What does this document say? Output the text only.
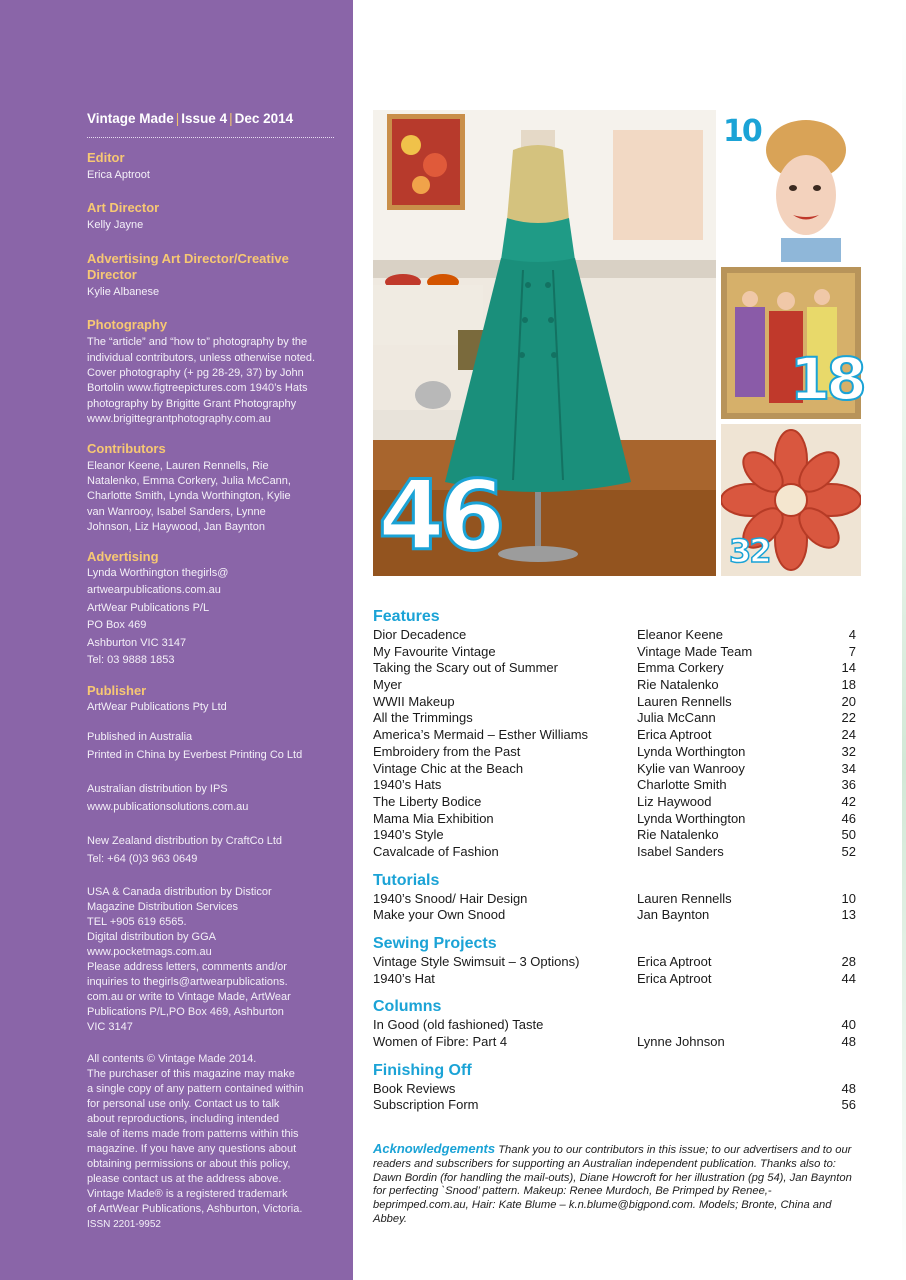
Vintage Made | Issue 4 | Dec 2014
Editor
Erica Aptroot
Art Director
Kelly Jayne
Advertising Art Director/Creative Director
Kylie Albanese
Photography
The “article” and “how to” photography by the
individual contributors, unless otherwise noted.
Cover photography (+ pg 28-29, 37) by John
Bortolin www.figtreepictures.com 1940’s Hats
photography by Brigitte Grant Photography
www.brigittegrantphotography.com.au
Contributors
Eleanor Keene, Lauren Rennells, Rie
Natalenko, Emma Corkery, Julia McCann,
Charlotte Smith, Lynda Worthington, Kylie
van Wanrooy, Isabel Sanders, Lynne
Johnson, Liz Haywood, Jan Baynton
Advertising
Lynda Worthington thegirls@
artwearpublications.com.au
ArtWear Publications P/L
PO Box 469
Ashburton VIC 3147
Tel: 03 9888 1853
Publisher
ArtWear Publications Pty Ltd
Published in Australia
Printed in China by Everbest Printing Co Ltd
Australian distribution by IPS
www.publicationsolutions.com.au
New Zealand distribution by CraftCo Ltd
Tel: +64 (0)3 963 0649
USA & Canada distribution by Disticor
Magazine Distribution Services
TEL +905 619 6565.
Digital distribution by GGA
www.pocketmags.com.au
Please address letters, comments and/or
inquiries to thegirls@artwearpublications.
com.au or write to Vintage Made, ArtWear
Publications P/L,PO Box 469, Ashburton
VIC 3147
All contents © Vintage Made 2014.
The purchaser of this magazine may make
a single copy of any pattern contained within
for personal use only. Contact us to talk
about reproductions, including intended
sale of items made from patterns within this
magazine. If you have any questions about
obtaining permissions or about this policy,
please contact us at the address above.
Vintage Made® is a registered trademark
of ArtWear Publications, Ashburton, Victoria.
ISSN 2201-9952
46
10
18
32
Features
Dior Decadence	Eleanor Keene	4
My Favourite Vintage	Vintage Made Team	7
Taking the Scary out of Summer	Emma Corkery	14
Myer	Rie Natalenko	18
WWII Makeup	Lauren Rennells	20
All the Trimmings	Julia McCann	22
America’s Mermaid – Esther Williams	Erica Aptroot	24
Embroidery from the Past	Lynda Worthington	32
Vintage Chic at the Beach	Kylie van Wanrooy	34
1940’s Hats	Charlotte Smith	36
The Liberty Bodice	Liz Haywood	42
Mama Mia Exhibition	Lynda Worthington	46
1940’s Style	Rie Natalenko	50
Cavalcade of Fashion	Isabel Sanders	52
Tutorials
1940’s Snood/ Hair Design	Lauren Rennells	10
Make your Own Snood	Jan Baynton	13
Sewing Projects
Vintage Style Swimsuit – 3 Options)	Erica Aptroot	28
1940’s Hat	Erica Aptroot	44
Columns
In Good (old fashioned) Taste	40
Women of Fibre: Part 4	Lynne Johnson	48
Finishing Off
Book Reviews	48
Subscription Form	56
Acknowledgements Thank you to our contributors in this issue; to our advertisers and to our readers and subscribers for supporting an Australian independent publication. Thanks also to: Dawn Bordin (for handling the mail-outs), Diane Howcroft for her illustration (pg 54), Jan Baynton for perfecting `Snood’ pattern. Makeup: Renee Murdoch, Be Primped by Renee,- beprimped.com.au, Hair: Kate Blume – k.n.blume@bigpond.com. Models; Bronte, China and Abbey.
